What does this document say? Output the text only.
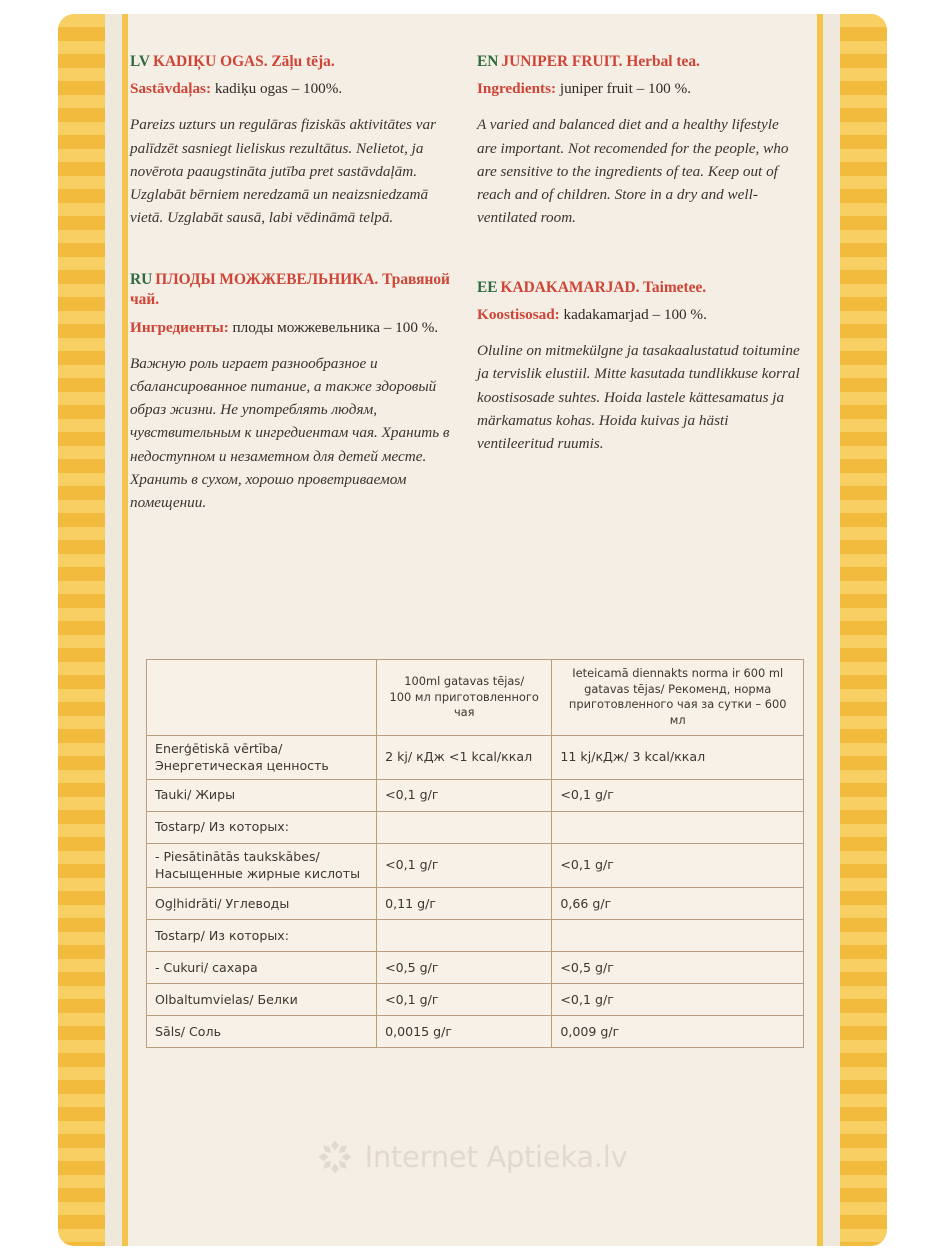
LV KADIĶU OGAS. Zāļu tēja.

Sastāvdaļas: kadiķu ogas – 100%.

Pareizs uzturs un regulāras fiziskās aktivitātes var palīdzēt sasniegt lieliskus rezultātus. Nelietot, ja novērota paaugstināta jutība pret sastāvdaļām. Uzglabāt bērniem neredzamā un neaizsniedzamā vietā. Uzglabāt sausā, labi vēdināmā telpā.

RU ПЛОДЫ МОЖЖЕВЕЛЬНИКА. Травяной чай.

Ингредиенты: плоды можжевельника – 100 %.

Важную роль играет разнообразное и сбалансированное питание, а также здоровый образ жизни. Не употреблять людям, чувствительным к ингредиентам чая. Хранить в недоступном и незаметном для детей месте. Хранить в сухом, хорошо проветриваемом помещении.

EN JUNIPER FRUIT. Herbal tea.

Ingredients: juniper fruit – 100 %.

A varied and balanced diet and a healthy lifestyle are important. Not recomended for the people, who are sensitive to the ingredients of tea. Keep out of reach and of children. Store in a dry and well-ventilated room.

EE KADAKAMARJAD. Taimetee.

Koostisosad: kadakamarjad – 100 %.

Oluline on mitmekülgne ja tasakaalustatud toitumine ja tervislik elustiil. Mitte kasutada tundlikkuse korral koostisosade suhtes. Hoida lastele kättesamatus ja märkamatus kohas. Hoida kuivas ja hästi ventileeritud ruumis.

	100ml gatavas tējas/
100 мл приготовленного
чая	Ieteicamā diennakts norma ir 600 ml
gatavas tējas/ Рекоменд, норма
приготовленного чая за сутки – 600 мл

Enerģētiskā vērtība/
Энергетическая ценность	2 kj/ кДж <1 kcal/ккал	11 kj/кДж/ 3 kcal/ккал
Tauki/ Жиры	<0,1 g/г	<0,1 g/г
Tostarp/ Из которых:		

- Piesātinātās taukskābes/
Насыщенные жирные кислоты	<0,1 g/г	<0,1 g/г
Ogļhidrāti/ Углеводы	0,11 g/г	0,66 g/г
Tostarp/ Из которых:		
- Cukuri/ сахара	<0,5 g/г	<0,5 g/г
Olbaltumvielas/ Белки	<0,1 g/г	<0,1 g/г
Sāls/ Соль	0,0015 g/г	0,009 g/г
Internet Aptieka.lv
